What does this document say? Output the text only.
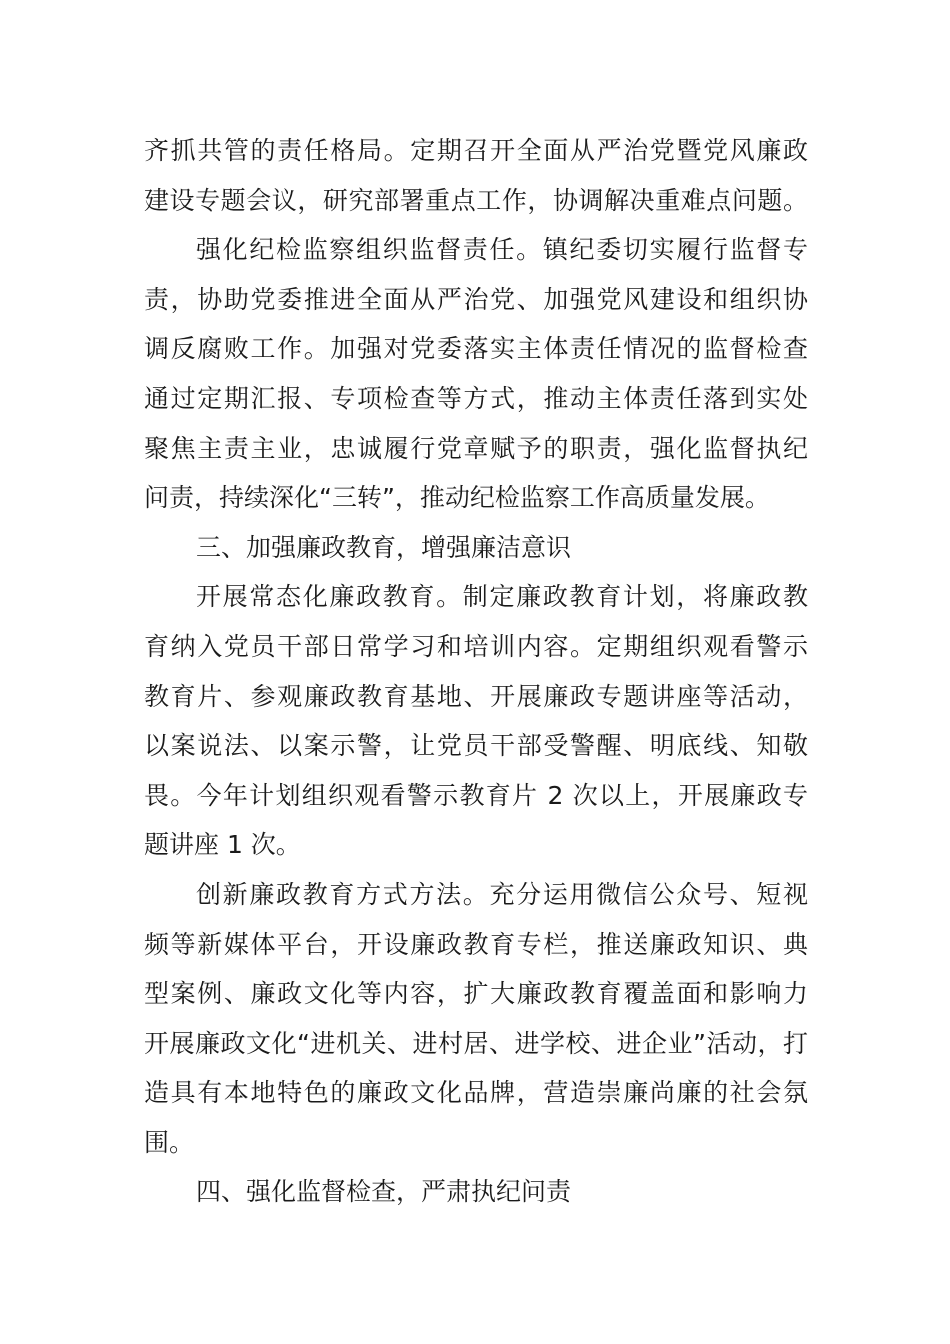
齐抓共管的责任格局。定期召开全面从严治党暨党风廉政
建设专题会议，研究部署重点工作，协调解决重难点问题。
强化纪检监察组织监督责任。镇纪委切实履行监督专
责，协助党委推进全面从严治党、加强党风建设和组织协
调反腐败工作。加强对党委落实主体责任情况的监督检查
通过定期汇报、专项检查等方式，推动主体责任落到实处
聚焦主责主业，忠诚履行党章赋予的职责，强化监督执纪
问责，持续深化“三转”，推动纪检监察工作高质量发展。
三、加强廉政教育，增强廉洁意识
开展常态化廉政教育。制定廉政教育计划，将廉政教
育纳入党员干部日常学习和培训内容。定期组织观看警示
教育片、参观廉政教育基地、开展廉政专题讲座等活动，
以案说法、以案示警，让党员干部受警醒、明底线、知敬
畏。今年计划组织观看警示教育片 2 次以上，开展廉政专
题讲座 1 次。
创新廉政教育方式方法。充分运用微信公众号、短视
频等新媒体平台，开设廉政教育专栏，推送廉政知识、典
型案例、廉政文化等内容，扩大廉政教育覆盖面和影响力
开展廉政文化“进机关、进村居、进学校、进企业”活动，打
造具有本地特色的廉政文化品牌，营造崇廉尚廉的社会氛
围。
四、强化监督检查，严肃执纪问责
